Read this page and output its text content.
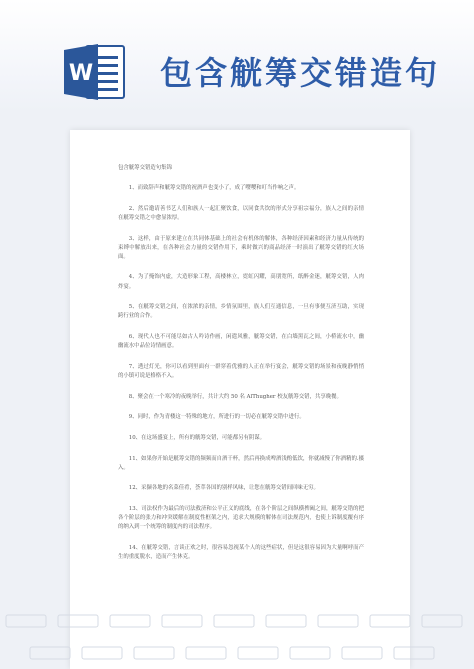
W 包含觥筹交错造句
包含觥筹交错造句集锦

1、而致辞声和觥筹交错的祝酒声也变小了，成了嘤嘤和叮当作响之声。

2、然后邀请善书艺人们和族人一起汇聚饮食，以同食共饮的形式分享祖宗福分，族人之间的亲情在觥筹交错之中愈显浓厚。

3、这样，由于原来建立在共同体基础上的社会有机体的解体，各种经济因素和经济力量从传统的束缚中解放出来，在各种社会力量的交错作用下，乘时做兴的商品经济一时演出了觥筹交错的红火场面。

4、为了掩饰内虚，大造形象工程，高楼林立，霓虹闪耀，高朋宽所，纸醉金迷，觥筹交错，人肉炸宴。

5、在觥筹交错之间，在浓浓的亲情，乡情氛围里，族人们互通信息，一旦有事便互济互助，实现跨行业的合作。

6、现代人也不可能尽如古人吟诗作画，闲遣风雅，觥筹交错，在白墙黑瓦之间，小桥流水中，幽幽流水中品位诗情画意。

7、透过灯光，你可以看到里面有一群穿着优雅的人正在举行宴会，觥筹交错的场景和夜晚静悄悄的小镇可说是格格不入。

8、聚会在一个寒冷的夜晚举行，共计大约 50 名 AlThugher 校友觥筹交错，共享晚餐。

9、同时，作为青楼这一特殊的地方，所进行的一切必在觥筹交错中进行。

10、在这场盛宴上，所有的觥筹交错，可能都另有阴谋。

11、如果你开始是觥筹交错的频频而自酒干杯，然后再换成啤酒浅酌低饮，你就减慢了你酒精的.摄入。

12、采撷各地的名菜佳肴，荟萃各国的别样风味，让您在觥筹交错间回味无穷。

13、司法权作为最后的司法救济和公平正义的底线，在各个阶层之间纵横捭阖之间，觥筹交错的把各个阶层的张力和冲突缓解在制度性框架之内，追求大规模的解体在司法规范内，也使上诉制度覆有序的纳入到一个统筹的制度内的司法程序。

14、在觥筹交错，言谈正欢之时，很容易忽视某个人的这些症状，但是这很容易因为大量啊呼而产生的重度脱水，造而产生休克。
